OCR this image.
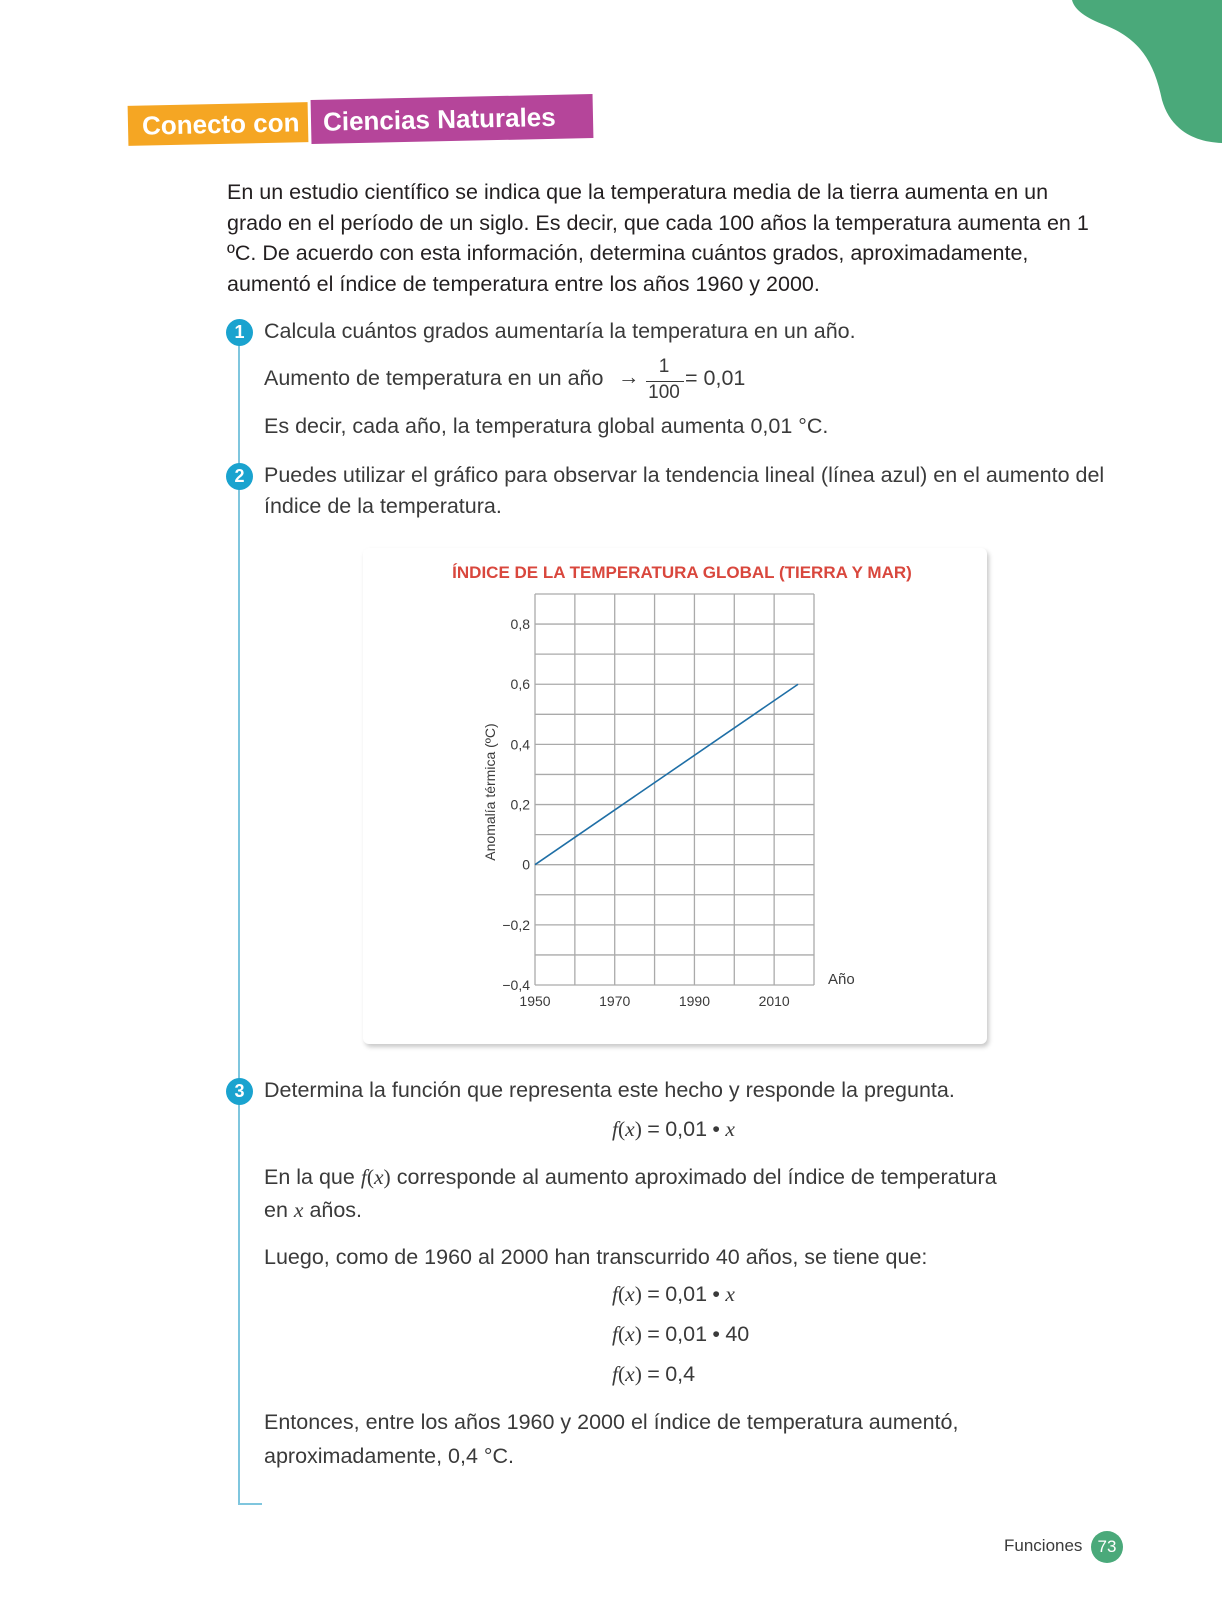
Conecto con Ciencias Naturales

En un estudio científico se indica que la temperatura media de la tierra aumenta en un grado en el período de un siglo. Es decir, que cada 100 años la temperatura aumenta en 1 ºC. De acuerdo con esta información, determina cuántos grados, aproximadamente, aumentó el índice de temperatura entre los años 1960 y 2000.

1 Calcula cuántos grados aumentaría la temperatura en un año.

Aumento de temperatura en un año →	1
100
= 0,01

Es decir, cada año, la temperatura global aumenta 0,01 °C.

2 Puedes utilizar el gráfico para observar la tendencia lineal (línea azul) en el aumento del

índice de la temperatura.

ÍNDICE DE LA TEMPERATURA GLOBAL (TIERRA Y MAR)
Anomalía térmica (ºC)
Año
−0,4
−0,2
0
0,2
0,4
0,6
0,8
1950	1970	1990	2010
3 Determina la función que representa este hecho y responde la pregunta.

f(x) = 0,01 • x

En la que f(x) corresponde al aumento aproximado del índice de temperatura

en x años.

Luego, como de 1960 al 2000 han transcurrido 40 años, se tiene que:

f(x) = 0,01 • x
f(x) = 0,01 • 40
f(x) = 0,4

Entonces, entre los años 1960 y 2000 el índice de temperatura aumentó,

aproximadamente, 0,4 °C.

Funciones 73
